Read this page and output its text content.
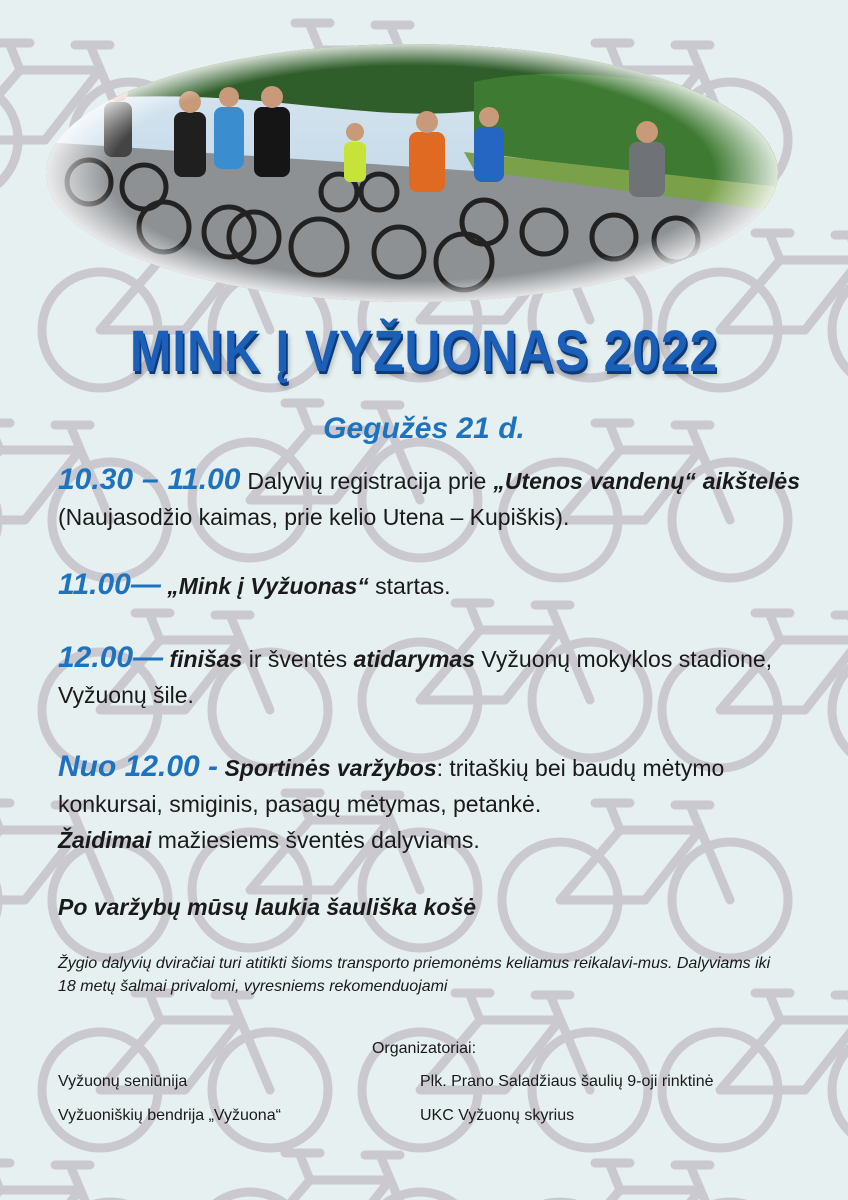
MINK Į VYŽUONAS 2022
Gegužės 21 d.

10.30 – 11.00 Dalyvių registracija prie „Utenos vandenų“ aikštelės (Naujasodžio kaimas, prie kelio Utena – Kupiškis).

11.00— „Mink į Vyžuonas“ startas.

12.00— finišas ir šventės atidarymas Vyžuonų mokyklos stadione, Vyžuonų šile.

Nuo 12.00 - Sportinės varžybos: tritaškių bei baudų mėtymo konkursai, smiginis, pasagų mėtymas, petankė.
Žaidimai mažiesiems šventės dalyviams.

Po varžybų mūsų laukia šauliška košė
Žygio dalyvių dviračiai turi atitikti šioms transporto priemonėms keliamus reikalavi-mus. Dalyviams iki 18 metų šalmai privalomi, vyresniems rekomenduojami
Organizatoriai:
Vyžuonų seniūnija	Plk. Prano Saladžiaus šaulių 9-oji rinktinė
Vyžuoniškių bendrija „Vyžuona“	UKC Vyžuonų skyrius
